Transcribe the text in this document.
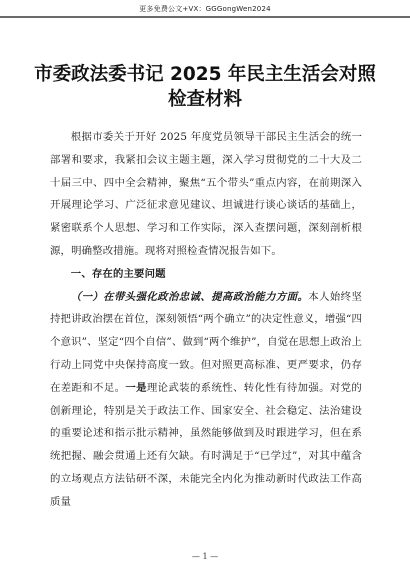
更多免费公文+VX：GGGongWen2024
市委政法委书记 2025 年民主生活会对照
检查材料

根据市委关于开好 2025 年度党员领导干部民主生活会的统一部署和要求，我紧扣会议主题主题，深入学习贯彻党的二十大及二十届三中、四中全会精神，聚焦“五个带头”重点内容，在前期深入开展理论学习、广泛征求意见建议、坦诚进行谈心谈话的基础上，紧密联系个人思想、学习和工作实际，深入查摆问题，深刻剖析根源，明确整改措施。现将对照检查情况报告如下。

一、存在的主要问题

（一）在带头强化政治忠诚、提高政治能力方面。本人始终坚持把讲政治摆在首位，深刻领悟“两个确立”的决定性意义，增强“四个意识”、坚定“四个自信”、做到“两个维护”，自觉在思想上政治上行动上同党中央保持高度一致。但对照更高标准、更严要求，仍存在差距和不足。一是理论武装的系统性、转化性有待加强。对党的创新理论，特别是关于政法工作、国家安全、社会稳定、法治建设的重要论述和指示批示精神，虽然能够做到及时跟进学习，但在系统把握、融会贯通上还有欠缺。有时满足于“已学过”，对其中蕴含的立场观点方法钻研不深，未能完全内化为推动新时代政法工作高质量

— 1 —
